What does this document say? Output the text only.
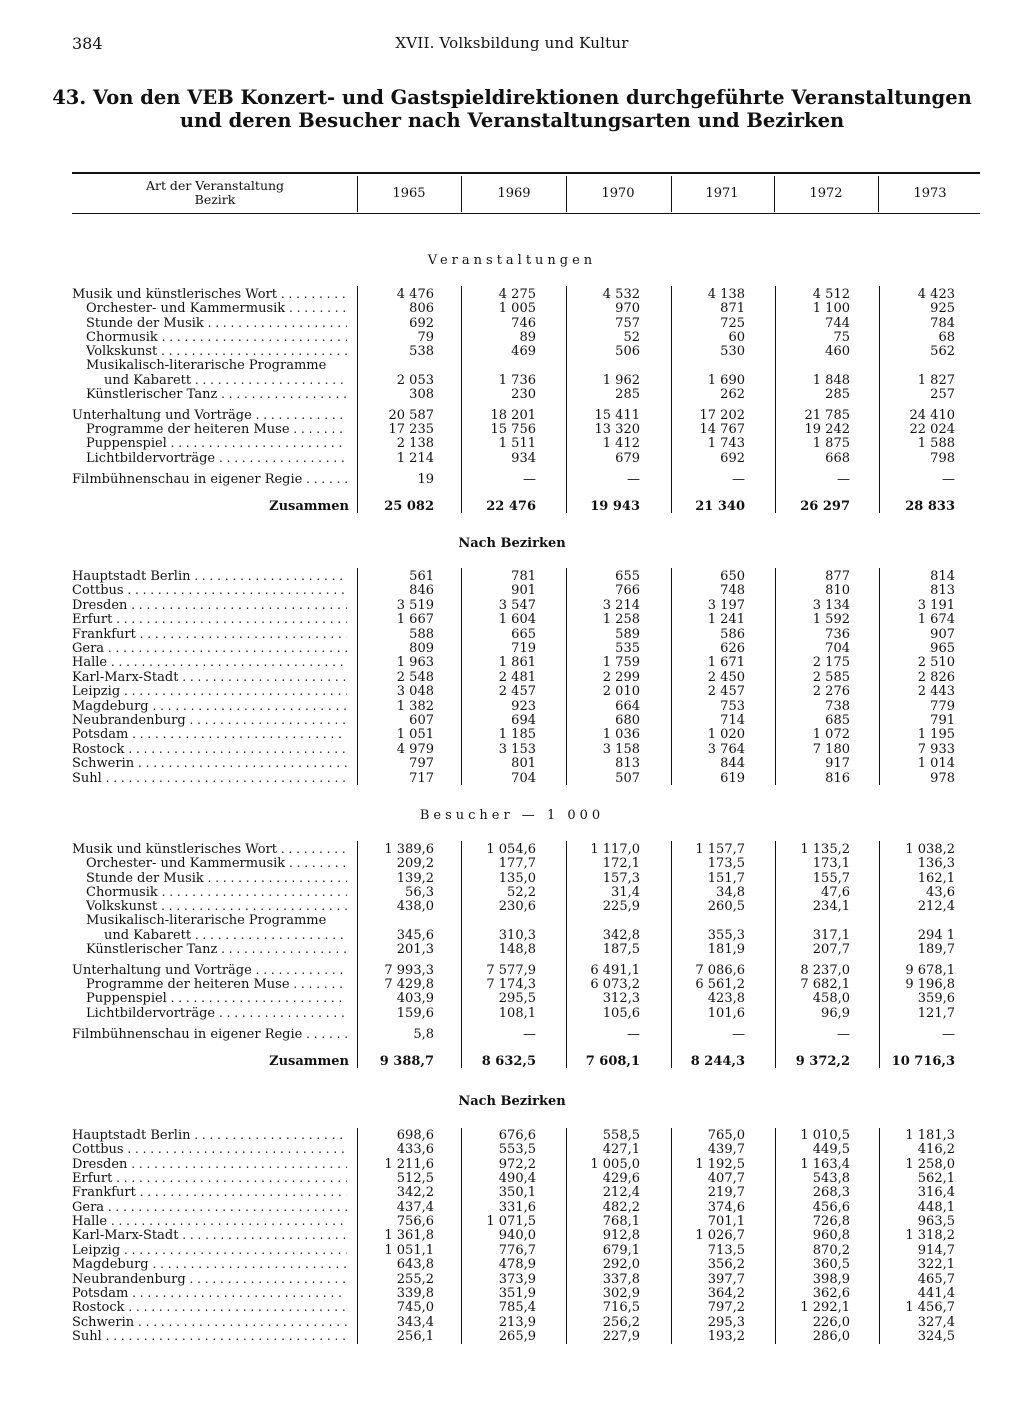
384	XVII. Volksbildung und Kultur
43. Von den VEB Konzert- und Gastspieldirektionen durchgeführte Veranstaltungen
und deren Besucher nach Veranstaltungsarten und Bezirken
Art der Veranstaltung
Bezirk	1965	1969	1970	1971	1972	1973
Veranstaltungen
Nach Bezirken
Besucher — 1 000
Nach Bezirken
Musik und künstlerisches Wort . . .	4 476	4 275	4 532	4 138	4 512	4 423
Orchester- und Kammermusik . . .	806	1 005	970	871	1 100	925
Stunde der Musik . . .	692	746	757	725	744	784
Chormusik . . .	79	89	52	60	75	68
Volkskunst . . .	538	469	506	530	460	562
Musikalisch-literarische Programme
und Kabarett . . .	2 053	1 736	1 962	1 690	1 848	1 827
Künstlerischer Tanz . . .	308	230	285	262	285	257
Unterhaltung und Vorträge . . .	20 587	18 201	15 411	17 202	21 785	24 410
Programme der heiteren Muse . . .	17 235	15 756	13 320	14 767	19 242	22 024
Puppenspiel . . .	2 138	1 511	1 412	1 743	1 875	1 588
Lichtbildervorträge . . .	1 214	934	679	692	668	798
Filmbühnenschau in eigener Regie . . .	19	—	—	—	—	—
Zusammen	25 082	22 476	19 943	21 340	26 297	28 833
Hauptstadt Berlin . . .	561	781	655	650	877	814
Cottbus . . .	846	901	766	748	810	813
Dresden . . .	3 519	3 547	3 214	3 197	3 134	3 191
Erfurt . . .	1 667	1 604	1 258	1 241	1 592	1 674
Frankfurt . . .	588	665	589	586	736	907
Gera . . .	809	719	535	626	704	965
Halle . . .	1 963	1 861	1 759	1 671	2 175	2 510
Karl-Marx-Stadt . . .	2 548	2 481	2 299	2 450	2 585	2 826
Leipzig . . .	3 048	2 457	2 010	2 457	2 276	2 443
Magdeburg . . .	1 382	923	664	753	738	779
Neubrandenburg . . .	607	694	680	714	685	791
Potsdam . . .	1 051	1 185	1 036	1 020	1 072	1 195
Rostock . . .	4 979	3 153	3 158	3 764	7 180	7 933
Schwerin . . .	797	801	813	844	917	1 014
Suhl . . .	717	704	507	619	816	978
Musik und künstlerisches Wort . . .	1 389,6	1 054,6	1 117,0	1 157,7	1 135,2	1 038,2
Orchester- und Kammermusik . . .	209,2	177,7	172,1	173,5	173,1	136,3
Stunde der Musik . . .	139,2	135,0	157,3	151,7	155,7	162,1
Chormusik . . .	56,3	52,2	31,4	34,8	47,6	43,6
Volkskunst . . .	438,0	230,6	225,9	260,5	234,1	212,4
Musikalisch-literarische Programme
und Kabarett . . .	345,6	310,3	342,8	355,3	317,1	294 1
Künstlerischer Tanz . . .	201,3	148,8	187,5	181,9	207,7	189,7
Unterhaltung und Vorträge . . .	7 993,3	7 577,9	6 491,1	7 086,6	8 237,0	9 678,1
Programme der heiteren Muse . . .	7 429,8	7 174,3	6 073,2	6 561,2	7 682,1	9 196,8
Puppenspiel . . .	403,9	295,5	312,3	423,8	458,0	359,6
Lichtbildervorträge . . .	159,6	108,1	105,6	101,6	96,9	121,7
Filmbühnenschau in eigener Regie . . .	5,8	—	—	—	—	—
Zusammen	9 388,7	8 632,5	7 608,1	8 244,3	9 372,2	10 716,3
Hauptstadt Berlin . . .	698,6	676,6	558,5	765,0	1 010,5	1 181,3
Cottbus . . .	433,6	553,5	427,1	439,7	449,5	416,2
Dresden . . .	1 211,6	972,2	1 005,0	1 192,5	1 163,4	1 258,0
Erfurt . . .	512,5	490,4	429,6	407,7	543,8	562,1
Frankfurt . . .	342,2	350,1	212,4	219,7	268,3	316,4
Gera . . .	437,4	331,6	482,2	374,6	456,6	448,1
Halle . . .	756,6	1 071,5	768,1	701,1	726,8	963,5
Karl-Marx-Stadt . . .	1 361,8	940,0	912,8	1 026,7	960,8	1 318,2
Leipzig . . .	1 051,1	776,7	679,1	713,5	870,2	914,7
Magdeburg . . .	643,8	478,9	292,0	356,2	360,5	322,1
Neubrandenburg . . .	255,2	373,9	337,8	397,7	398,9	465,7
Potsdam . . .	339,8	351,9	302,9	364,2	362,6	441,4
Rostock . . .	745,0	785,4	716,5	797,2	1 292,1	1 456,7
Schwerin . . .	343,4	213,9	256,2	295,3	226,0	327,4
Suhl . . .	256,1	265,9	227,9	193,2	286,0	324,5
